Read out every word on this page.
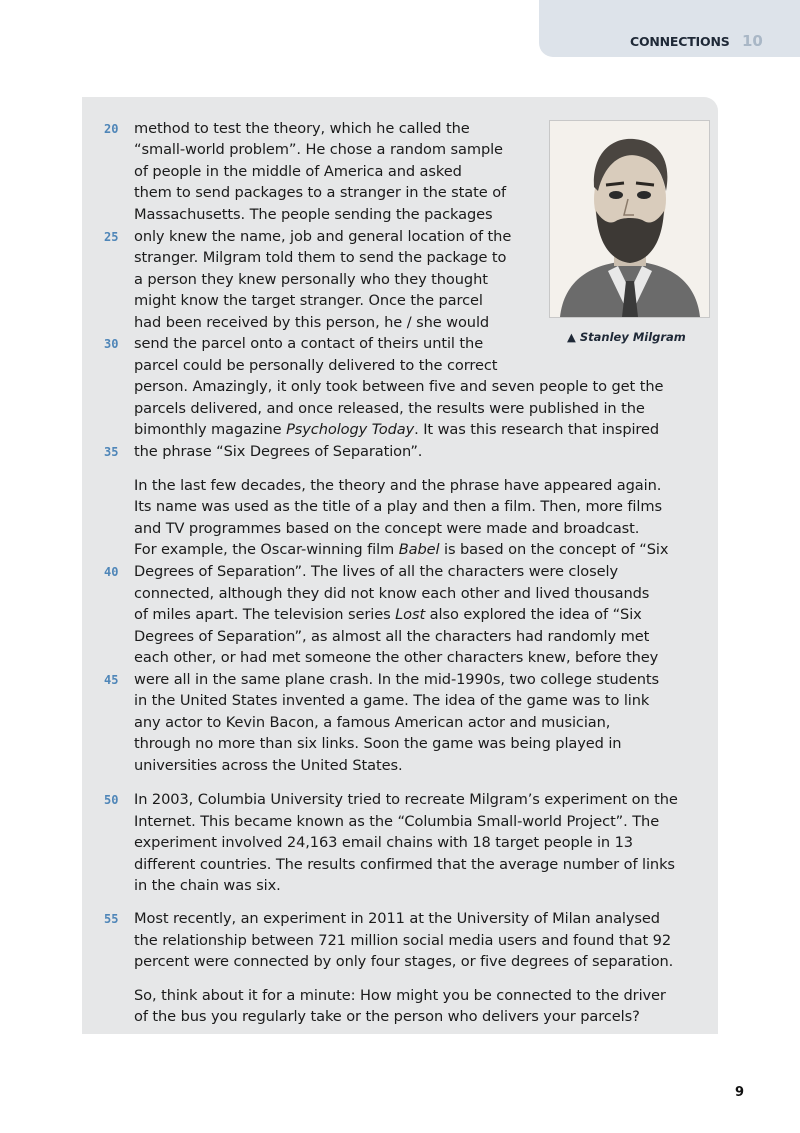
CONNECTIONS 10
▲ Stanley Milgram
20
25
30
35
40
45
50
55
method to test the theory, which he called the
“small-world problem”. He chose a random sample
of people in the middle of America and asked
them to send packages to a stranger in the state of
Massachusetts. The people sending the packages
only knew the name, job and general location of the
stranger. Milgram told them to send the package to
a person they knew personally who they thought
might know the target stranger. Once the parcel
had been received by this person, he / she would
send the parcel onto a contact of theirs until the
parcel could be personally delivered to the correct
person. Amazingly, it only took between five and seven people to get the
parcels delivered, and once released, the results were published in the
bimonthly magazine Psychology Today. It was this research that inspired
the phrase “Six Degrees of Separation”.
In the last few decades, the theory and the phrase have appeared again.
Its name was used as the title of a play and then a film. Then, more films
and TV programmes based on the concept were made and broadcast.
For example, the Oscar-winning film Babel is based on the concept of “Six
Degrees of Separation”. The lives of all the characters were closely
connected, although they did not know each other and lived thousands
of miles apart. The television series Lost also explored the idea of “Six
Degrees of Separation”, as almost all the characters had randomly met
each other, or had met someone the other characters knew, before they
were all in the same plane crash. In the mid-1990s, two college students
in the United States invented a game. The idea of the game was to link
any actor to Kevin Bacon, a famous American actor and musician,
through no more than six links. Soon the game was being played in
universities across the United States.
In 2003, Columbia University tried to recreate Milgram’s experiment on the
Internet. This became known as the “Columbia Small-world Project”. The
experiment involved 24,163 email chains with 18 target people in 13
different countries. The results confirmed that the average number of links
in the chain was six.
Most recently, an experiment in 2011 at the University of Milan analysed
the relationship between 721 million social media users and found that 92
percent were connected by only four stages, or five degrees of separation.
So, think about it for a minute: How might you be connected to the driver
of the bus you regularly take or the person who delivers your parcels?
9
